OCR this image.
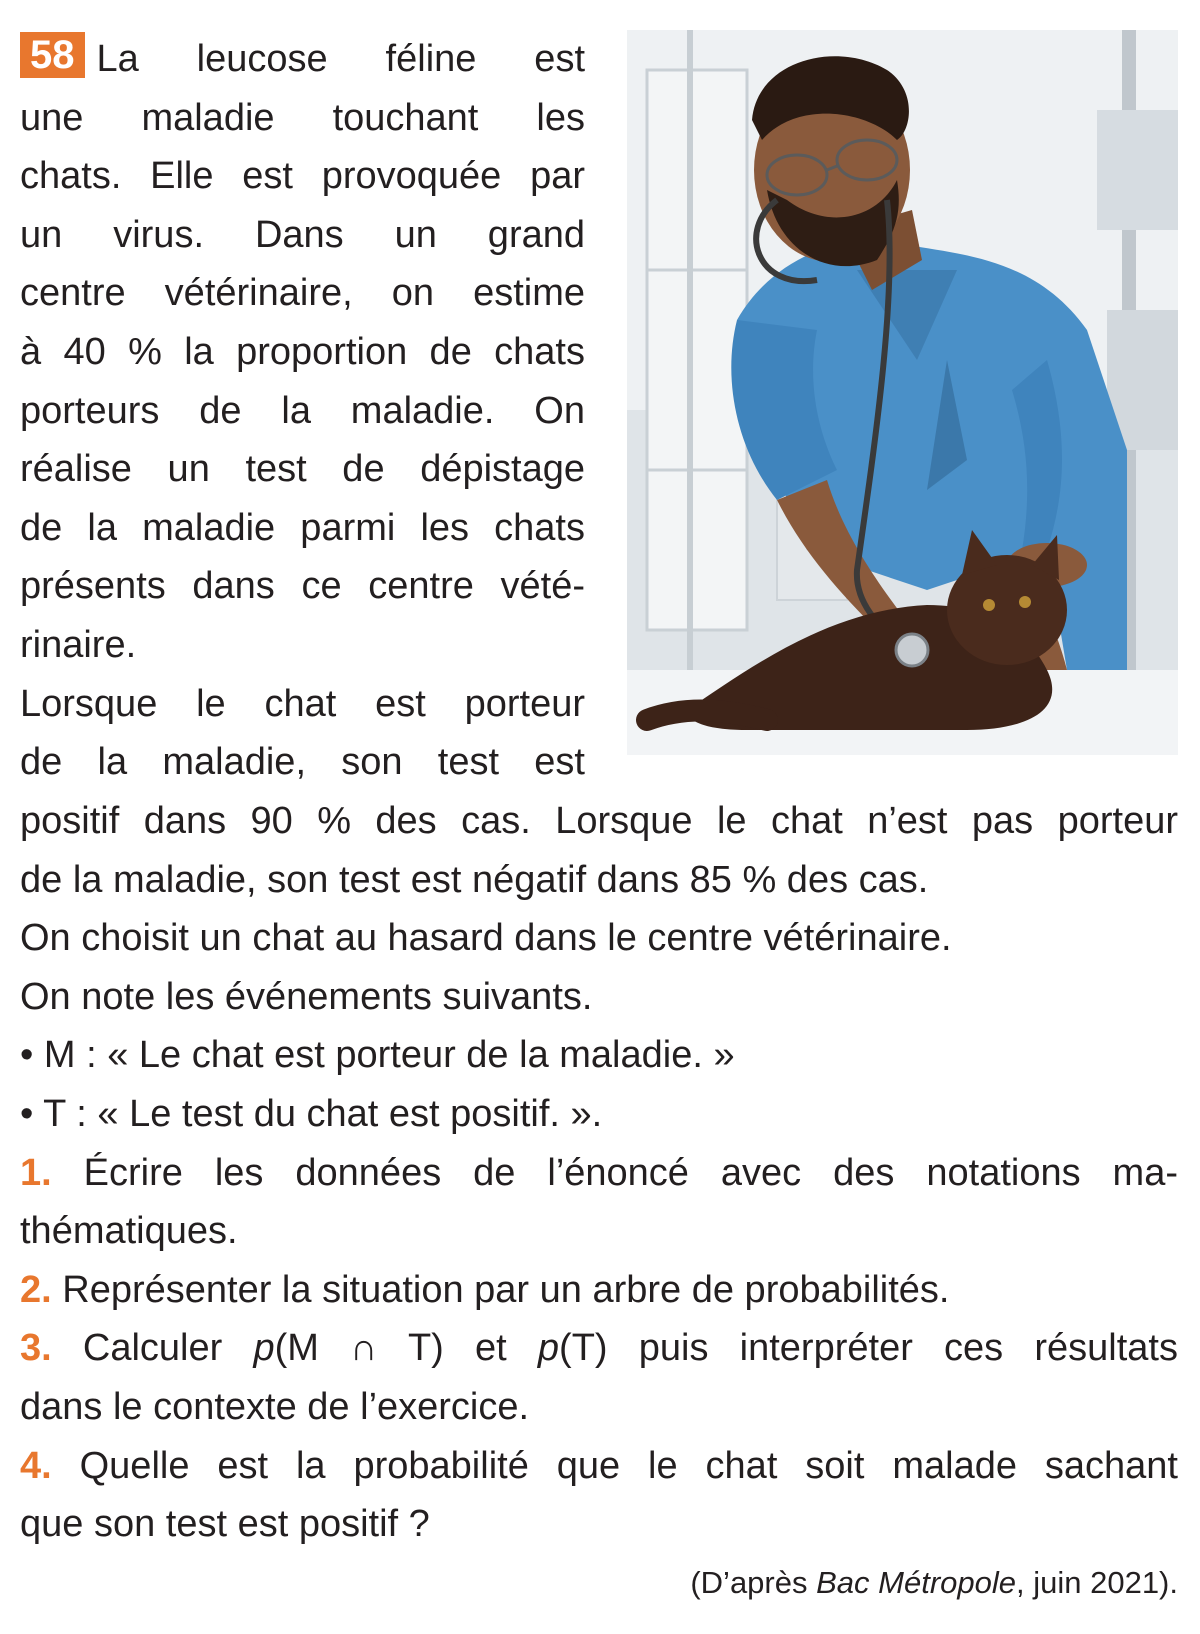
58 La leucose féline est
une maladie touchant les
chats. Elle est provoquée par
un virus. Dans un grand
centre vétérinaire, on estime
à 40 % la proportion de chats
porteurs de la maladie. On
réalise un test de dépistage
de la maladie parmi les chats
présents dans ce centre vété-
rinaire.
Lorsque le chat est porteur
de la maladie, son test est
positif dans 90 % des cas. Lorsque le chat n’est pas porteur
de la maladie, son test est négatif dans 85 % des cas.
On choisit un chat au hasard dans le centre vétérinaire.
On note les événements suivants.
• M : « Le chat est porteur de la maladie. »
• T : « Le test du chat est positif. ».
1. Écrire les données de l’énoncé avec des notations ma-
thématiques.
2. Représenter la situation par un arbre de probabilités.
3. Calculer p(M ∩ T) et p(T) puis interpréter ces résultats
dans le contexte de l’exercice.
4. Quelle est la probabilité que le chat soit malade sachant
que son test est positif ?
(D’après Bac Métropole, juin 2021).
